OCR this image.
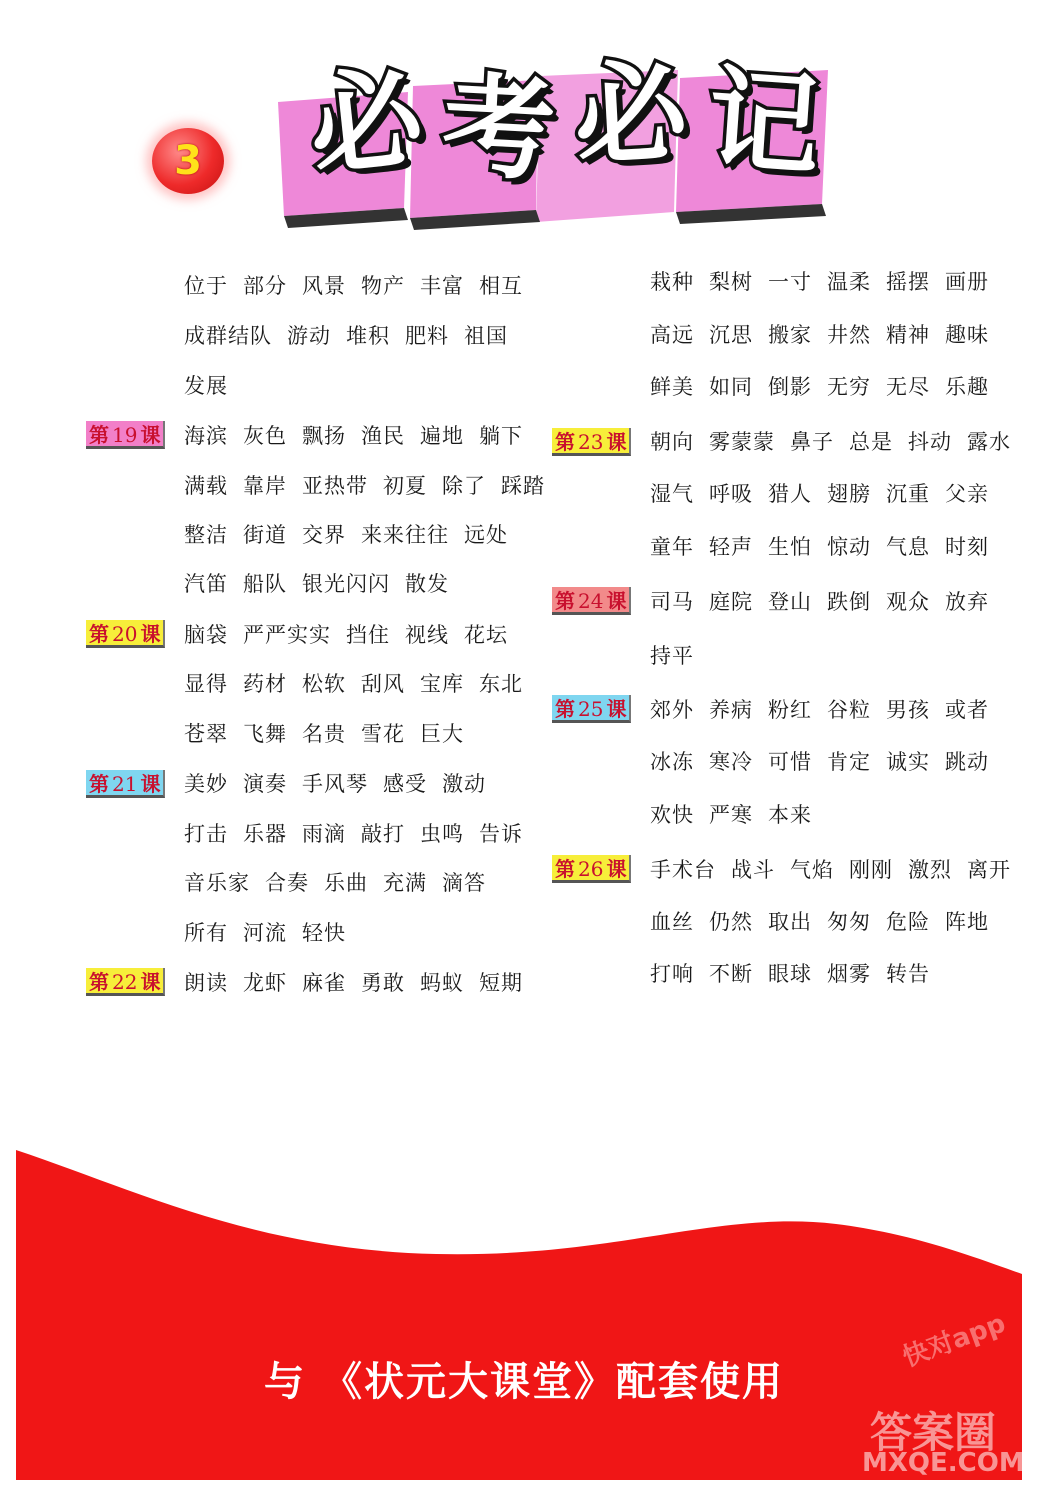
3 必 考 必 记
位于 部分 风景 物产 丰富 相互
成群结队 游动 堆积 肥料 祖国
发展
海滨 灰色 飘扬 渔民 遍地 躺下
满载 靠岸 亚热带 初夏 除了 踩踏
整洁 街道 交界 来来往往 远处
汽笛 船队 银光闪闪 散发
脑袋 严严实实 挡住 视线 花坛
显得 药材 松软 刮风 宝库 东北
苍翠 飞舞 名贵 雪花 巨大
美妙 演奏 手风琴 感受 激动
打击 乐器 雨滴 敲打 虫鸣 告诉
音乐家 合奏 乐曲 充满 滴答
所有 河流 轻快
朗读 龙虾 麻雀 勇敢 蚂蚁 短期
栽种 梨树 一寸 温柔 摇摆 画册
高远 沉思 搬家 井然 精神 趣味
鲜美 如同 倒影 无穷 无尽 乐趣
朝向 雾蒙蒙 鼻子 总是 抖动 露水
湿气 呼吸 猎人 翅膀 沉重 父亲
童年 轻声 生怕 惊动 气息 时刻
司马 庭院 登山 跌倒 观众 放弃
持平
郊外 养病 粉红 谷粒 男孩 或者
冰冻 寒冷 可惜 肯定 诚实 跳动
欢快 严寒 本来
手术台 战斗 气焰 刚刚 激烈 离开
血丝 仍然 取出 匆匆 危险 阵地
打响 不断 眼球 烟雾 转告
第 19 课
第 20 课
第 21 课
第 22 课
第 23 课
第 24 课
第 25 课
第 26 课
与 《状元大课堂》配套使用
答案圈
MXQE.COM
快对app
